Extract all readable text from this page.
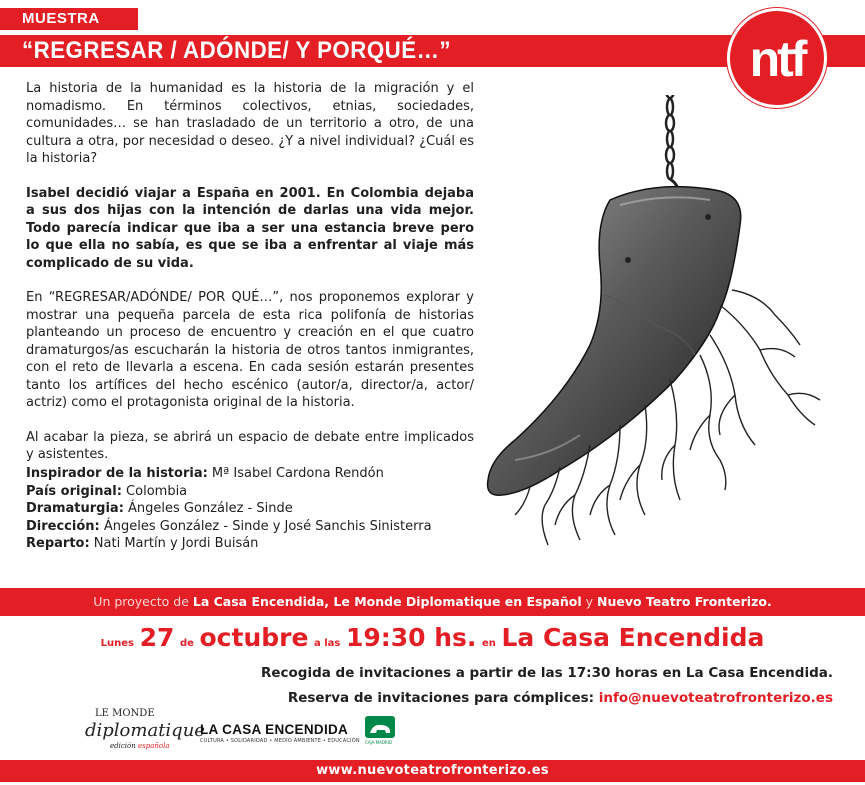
MUESTRA
“REGRESAR / ADÓNDE/ Y PORQUÉ…”	ntf

La historia de la humanidad es la historia de la migración y el nomadismo. En términos colectivos, etnias, sociedades, comunidades… se han trasladado de un territorio a otro, de una cultura a otra, por necesidad o deseo. ¿Y a nivel individual? ¿Cuál es la historia?

Isabel decidió viajar a España en 2001. En Colombia dejaba a sus dos hijas con la intención de darlas una vida mejor. Todo parecía indicar que iba a ser una estancia breve pero lo que ella no sabía, es que se iba a enfrentar al viaje más complicado de su vida.

En “REGRESAR/ADÓNDE/ POR QUÉ…”, nos proponemos explorar y mostrar una pequeña parcela de esta rica polifonía de historias planteando un proceso de encuentro y creación en el que cuatro dramaturgos/as escucharán la historia de otros tantos inmigrantes, con el reto de llevarla a escena. En cada sesión estarán presentes tanto los artífices del hecho escénico (autor/a, director/a, actor/ actriz) como el protagonista original de la historia.

Al acabar la pieza, se abrirá un espacio de debate entre implicados y asistentes.

Inspirador de la historia: Mª Isabel Cardona Rendón
País original: Colombia
Dramaturgia: Ángeles González - Sinde
Dirección: Ángeles González - Sinde y José Sanchis Sinisterra
Reparto: Nati Martín y Jordi Buisán
Un proyecto de La Casa Encendida, Le Monde Diplomatique en Español y Nuevo Teatro Fronterizo.
Lunes 27 de octubre a las 19:30 hs. en La Casa Encendida
Recogida de invitaciones a partir de las 17:30 horas en La Casa Encendida.
Reserva de invitaciones para cómplices: info@nuevoteatrofronterizo.es
LE MONDE
diplomatique
edición española
LA CASA ENCENDIDA
CULTURA • SOLIDARIDAD • MEDIO AMBIENTE • EDUCACIÓN CAJA MADRID
www.nuevoteatrofronterizo.es
